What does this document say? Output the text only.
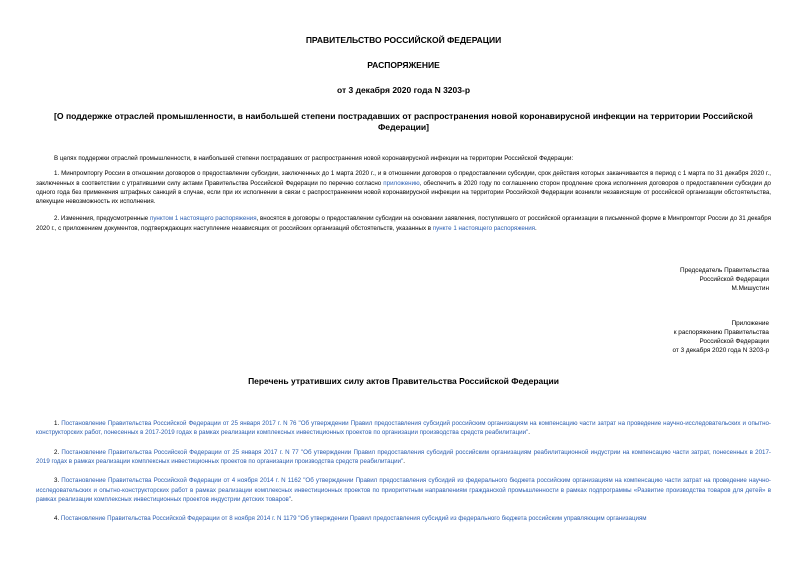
ПРАВИТЕЛЬСТВО РОССИЙСКОЙ ФЕДЕРАЦИИ
РАСПОРЯЖЕНИЕ
от 3 декабря 2020 года N 3203-р
[О поддержке отраслей промышленности, в наибольшей степени пострадавших от распространения новой коронавирусной инфекции на территории Российской Федерации]

В целях поддержки отраслей промышленности, в наибольшей степени пострадавших от распространения новой коронавирусной инфекции на территории Российской Федерации:

1. Минпромторгу России в отношении договоров о предоставлении субсидии, заключенных до 1 марта 2020 г., и в отношении договоров о предоставлении субсидии, срок действия которых заканчивается в период с 1 марта по 31 декабря 2020 г., заключенных в соответствии с утратившими силу актами Правительства Российской Федерации по перечню согласно приложению, обеспечить в 2020 году по соглашению сторон продление срока исполнения договоров о предоставлении субсидии до одного года без применения штрафных санкций в случае, если при их исполнении в связи с распространением новой коронавирусной инфекции на территории Российской Федерации возникли независящие от российской организации обстоятельства, влекущие невозможность их исполнения.

2. Изменения, предусмотренные пунктом 1 настоящего распоряжения, вносятся в договоры о предоставлении субсидии на основании заявления, поступившего от российской организации в письменной форме в Минпромторг России до 31 декабря 2020 г., с приложением документов, подтверждающих наступление независящих от российских организаций обстоятельств, указанных в пункте 1 настоящего распоряжения.

Председатель Правительства
Российской Федерации
М.Мишустин
Приложение
к распоряжению Правительства
Российской Федерации
от 3 декабря 2020 года N 3203-р
Перечень утративших силу актов Правительства Российской Федерации

1. Постановление Правительства Российской Федерации от 25 января 2017 г. N 76 "Об утверждении Правил предоставления субсидий российским организациям на компенсацию части затрат на проведение научно-исследовательских и опытно-конструкторских работ, понесенных в 2017-2019 годах в рамках реализации комплексных инвестиционных проектов по организации производства средств реабилитации".

2. Постановление Правительства Российской Федерации от 25 января 2017 г. N 77 "Об утверждении Правил предоставления субсидий российским организациям реабилитационной индустрии на компенсацию части затрат, понесенных в 2017-2019 годах в рамках реализации комплексных инвестиционных проектов по организации производства средств реабилитации".

3. Постановление Правительства Российской Федерации от 4 ноября 2014 г. N 1162 "Об утверждении Правил предоставления субсидий из федерального бюджета российским организациям на компенсацию части затрат на проведение научно-исследовательских и опытно-конструкторских работ в рамках реализации комплексных инвестиционных проектов по приоритетным направлениям гражданской промышленности в рамках подпрограммы «Развитие производства товаров для детей» в рамках реализации комплексных инвестиционных проектов индустрии детских товаров".

4. Постановление Правительства Российской Федерации от 8 ноября 2014 г. N 1179 "Об утверждении Правил предоставления субсидий из федерального бюджета российским управляющим организациям
